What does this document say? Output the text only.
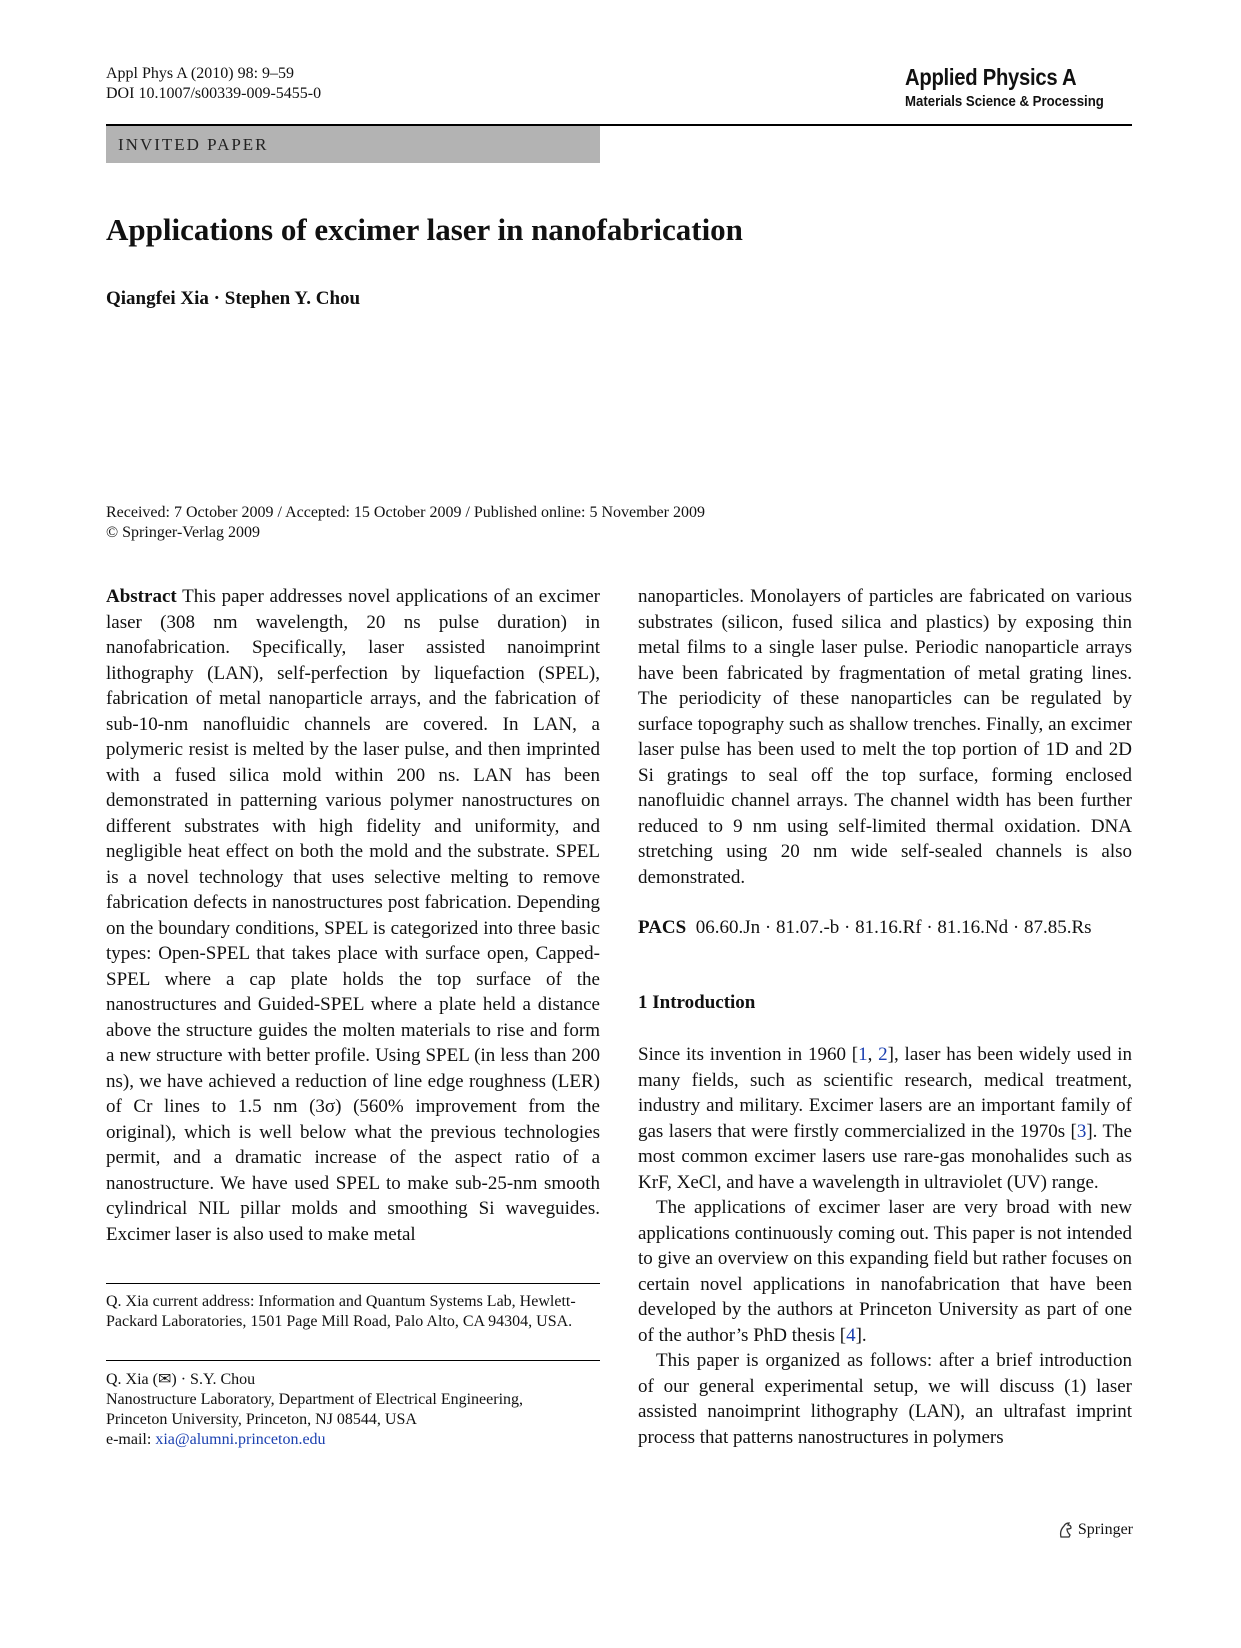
Appl Phys A (2010) 98: 9–59
DOI 10.1007/s00339-009-5455-0
Applied Physics A
Materials Science & Processing
INVITED PAPER
Applications of excimer laser in nanofabrication
Qiangfei Xia · Stephen Y. Chou
Received: 7 October 2009 / Accepted: 15 October 2009 / Published online: 5 November 2009
© Springer-Verlag 2009

Abstract This paper addresses novel applications of an excimer laser (308 nm wavelength, 20 ns pulse duration) in nanofabrication. Specifically, laser assisted nanoimprint lithography (LAN), self-perfection by liquefaction (SPEL), fabrication of metal nanoparticle arrays, and the fabrication of sub-10-nm nanofluidic channels are covered. In LAN, a polymeric resist is melted by the laser pulse, and then imprinted with a fused silica mold within 200 ns. LAN has been demonstrated in patterning various polymer nanostructures on different substrates with high fidelity and uniformity, and negligible heat effect on both the mold and the substrate. SPEL is a novel technology that uses selective melting to remove fabrication defects in nanostructures post fabrication. Depending on the boundary conditions, SPEL is categorized into three basic types: Open-SPEL that takes place with surface open, Capped-SPEL where a cap plate holds the top surface of the nanostructures and Guided-SPEL where a plate held a distance above the structure guides the molten materials to rise and form a new structure with better profile. Using SPEL (in less than 200 ns), we have achieved a reduction of line edge roughness (LER) of Cr lines to 1.5 nm (3σ) (560% improvement from the original), which is well below what the previous technologies permit, and a dramatic increase of the aspect ratio of a nanostructure. We have used SPEL to make sub-25-nm smooth cylindrical NIL pillar molds and smoothing Si waveguides. Excimer laser is also used to make metal

nanoparticles. Monolayers of particles are fabricated on various substrates (silicon, fused silica and plastics) by exposing thin metal films to a single laser pulse. Periodic nanoparticle arrays have been fabricated by fragmentation of metal grating lines. The periodicity of these nanoparticles can be regulated by surface topography such as shallow trenches. Finally, an excimer laser pulse has been used to melt the top portion of 1D and 2D Si gratings to seal off the top surface, forming enclosed nanofluidic channel arrays. The channel width has been further reduced to 9 nm using self-limited thermal oxidation. DNA stretching using 20 nm wide self-sealed channels is also demonstrated.

PACS 06.60.Jn · 81.07.-b · 81.16.Rf · 81.16.Nd · 87.85.Rs
1 Introduction

Since its invention in 1960 [1, 2], laser has been widely used in many fields, such as scientific research, medical treatment, industry and military. Excimer lasers are an important family of gas lasers that were firstly commercialized in the 1970s [3]. The most common excimer lasers use rare-gas monohalides such as KrF, XeCl, and have a wavelength in ultraviolet (UV) range.

The applications of excimer laser are very broad with new applications continuously coming out. This paper is not intended to give an overview on this expanding field but rather focuses on certain novel applications in nanofabrication that have been developed by the authors at Princeton University as part of one of the author’s PhD thesis [4].

This paper is organized as follows: after a brief introduction of our general experimental setup, we will discuss (1) laser assisted nanoimprint lithography (LAN), an ultrafast imprint process that patterns nanostructures in polymers

Q. Xia current address: Information and Quantum Systems Lab, Hewlett-Packard Laboratories, 1501 Page Mill Road, Palo Alto, CA 94304, USA.
Q. Xia (✉) · S.Y. Chou
Nanostructure Laboratory, Department of Electrical Engineering,
Princeton University, Princeton, NJ 08544, USA
e-mail: xia@alumni.princeton.edu
Springer
